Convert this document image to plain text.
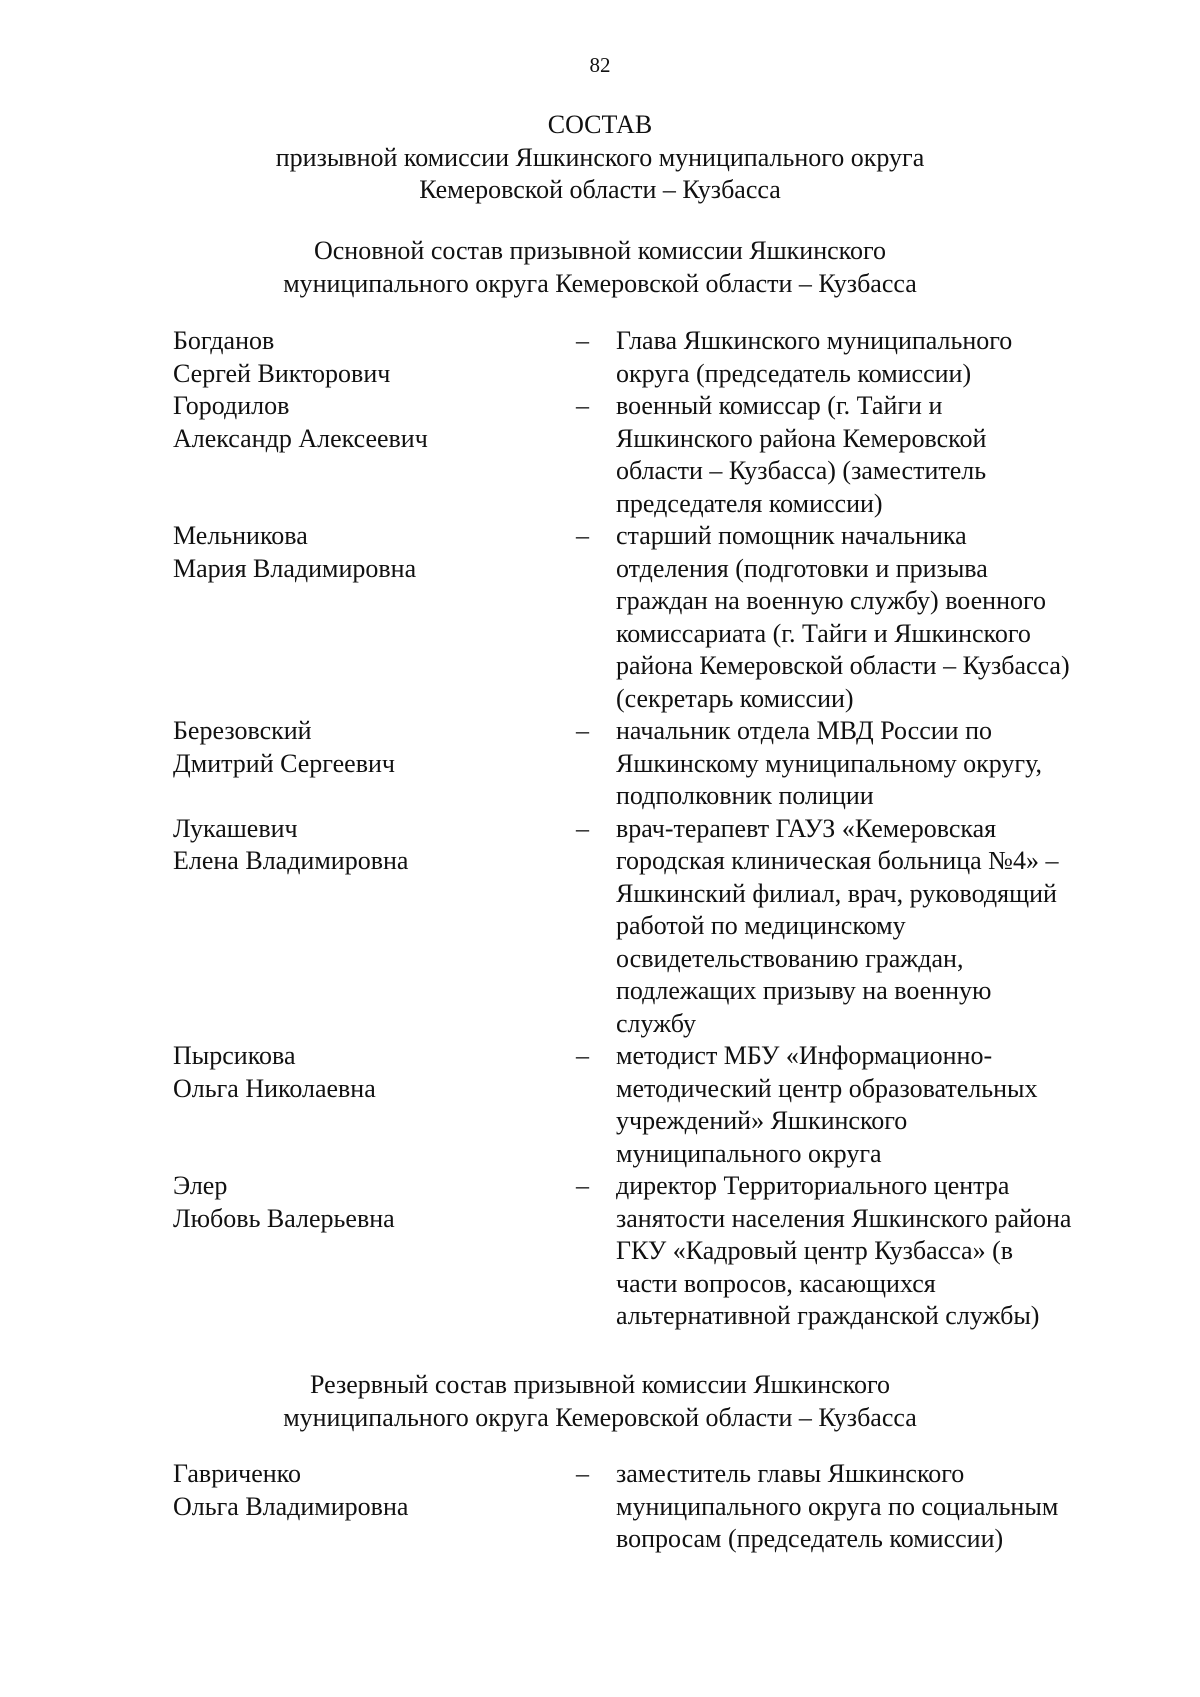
82
СОСТАВ
призывной комиссии Яшкинского муниципального округа
Кемеровской области – Кузбасса
Основной состав призывной комиссии Яшкинского
муниципального округа Кемеровской области – Кузбасса
Богданов
Сергей Викторович
– Глава Яшкинского муниципального
округа (председатель комиссии)
Городилов
Александр Алексеевич
– военный комиссар (г. Тайги и
Яшкинского района Кемеровской
области – Кузбасса) (заместитель
председателя комиссии)
Мельникова
Мария Владимировна
– старший помощник начальника
отделения (подготовки и призыва
граждан на военную службу) военного
комиссариата (г. Тайги и Яшкинского
района Кемеровской области – Кузбасса)
(секретарь комиссии)
Березовский
Дмитрий Сергеевич
– начальник отдела МВД России по
Яшкинскому муниципальному округу,
подполковник полиции
Лукашевич
Елена Владимировна
– врач-терапевт ГАУЗ «Кемеровская
городская клиническая больница №4» –
Яшкинский филиал, врач, руководящий
работой по медицинскому
освидетельствованию граждан,
подлежащих призыву на военную
службу
Пырсикова
Ольга Николаевна
– методист МБУ «Информационно-
методический центр образовательных
учреждений» Яшкинского
муниципального округа
Элер
Любовь Валерьевна
– директор Территориального центра
занятости населения Яшкинского района
ГКУ «Кадровый центр Кузбасса» (в
части вопросов, касающихся
альтернативной гражданской службы)
Резервный состав призывной комиссии Яшкинского
муниципального округа Кемеровской области – Кузбасса
Гавриченко
Ольга Владимировна
– заместитель главы Яшкинского
муниципального округа по социальным
вопросам (председатель комиссии)
